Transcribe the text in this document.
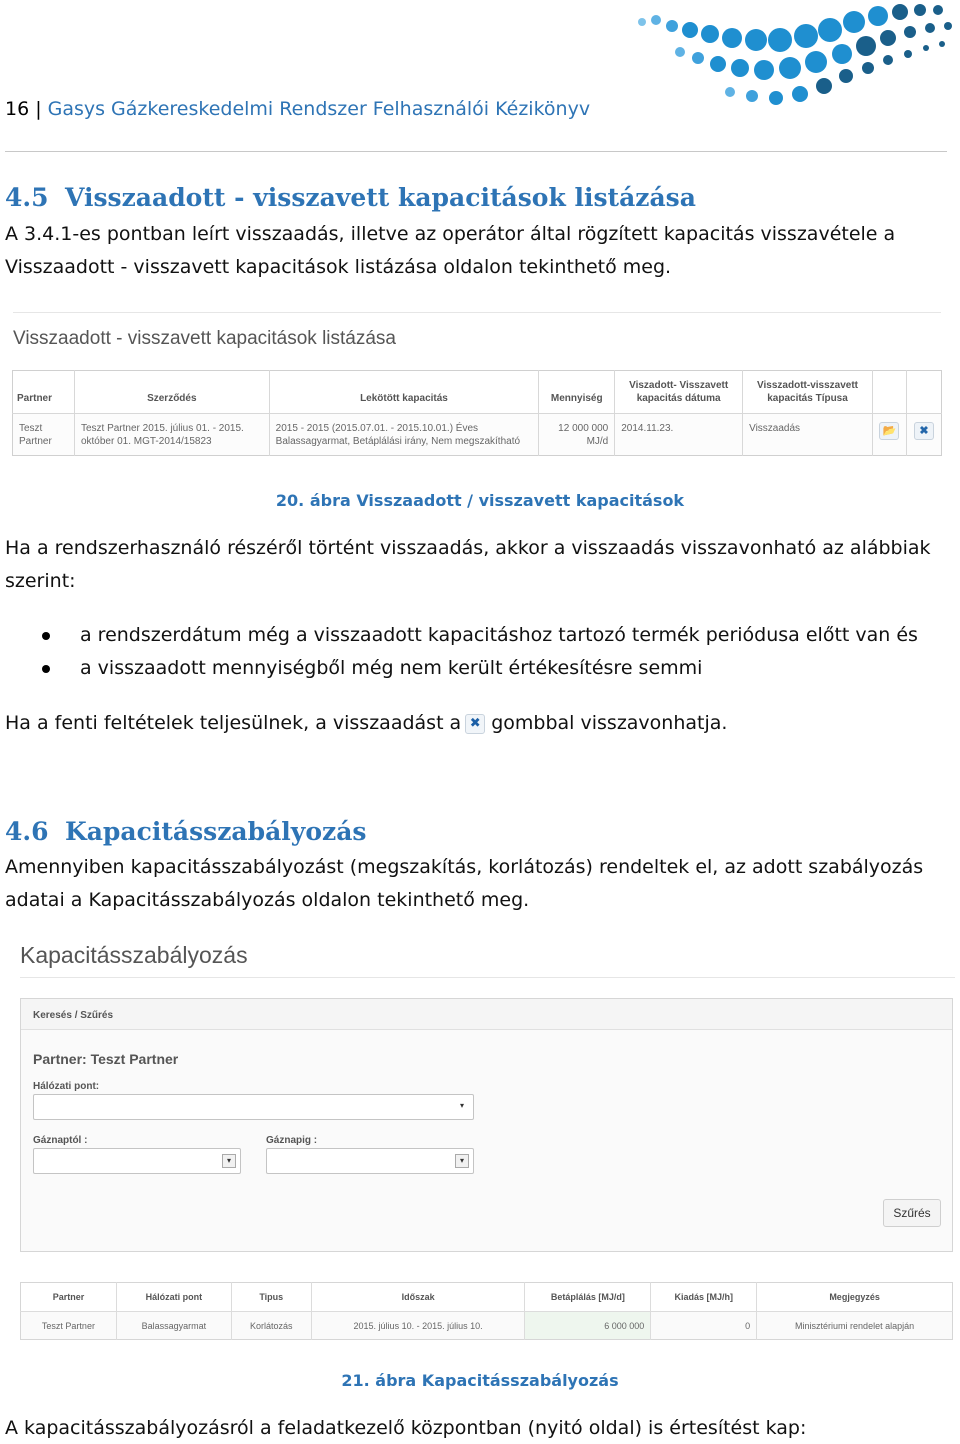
16 | Gasys Gázkereskedelmi Rendszer Felhasználói Kézikönyv
4.5 Visszaadott - visszavett kapacitások listázása
A 3.4.1-es pontban leírt visszaadás, illetve az operátor által rögzített kapacitás visszavétele a Visszaadott - visszavett kapacitások listázása oldalon tekinthető meg.
Visszaadott - visszavett kapacitások listázása
Partner	Szerződés	Lekötött kapacitás	Mennyiség	Viszadott- Visszavett kapacitás dátuma	Visszadott-visszavett kapacitás Típusa		
Teszt Partner	Teszt Partner 2015. július 01. - 2015. október 01. MGT-2014/15823	2015 - 2015 (2015.07.01. - 2015.10.01.) Éves Balassagyarmat, Betáplálási irány, Nem megszakítható	12 000 000 MJ/d	2014.11.23.	Visszaadás	📂	✖
20. ábra Visszaadott / visszavett kapacitások
Ha a rendszerhasználó részéről történt visszaadás, akkor a visszaadás visszavonható az alábbiak szerint:
a rendszerdátum még a visszaadott kapacitáshoz tartozó termék periódusa előtt van és
a visszaadott mennyiségből még nem került értékesítésre semmi
Ha a fenti feltételek teljesülnek, a visszaadást a ✖ gombbal visszavonhatja.
4.6 Kapacitásszabályozás
Amennyiben kapacitásszabályozást (megszakítás, korlátozás) rendeltek el, az adott szabályozás adatai a Kapacitásszabályozás oldalon tekinthető meg.
Kapacitásszabályozás
Keresés / Szűrés
Partner: Teszt Partner
Hálózati pont:
▾
Gáznaptól :
▾
Gáznapig :
▾
Szűrés
Partner	Hálózati pont	Tipus	Időszak	Betáplálás [MJ/d]	Kiadás [MJ/h]	Megjegyzés
Teszt Partner	Balassagyarmat	Korlátozás	2015. július 10. - 2015. július 10.	6 000 000	0	Minisztériumi rendelet alapján
21. ábra Kapacitásszabályozás
A kapacitásszabályozásról a feladatkezelő központban (nyitó oldal) is értesítést kap:
